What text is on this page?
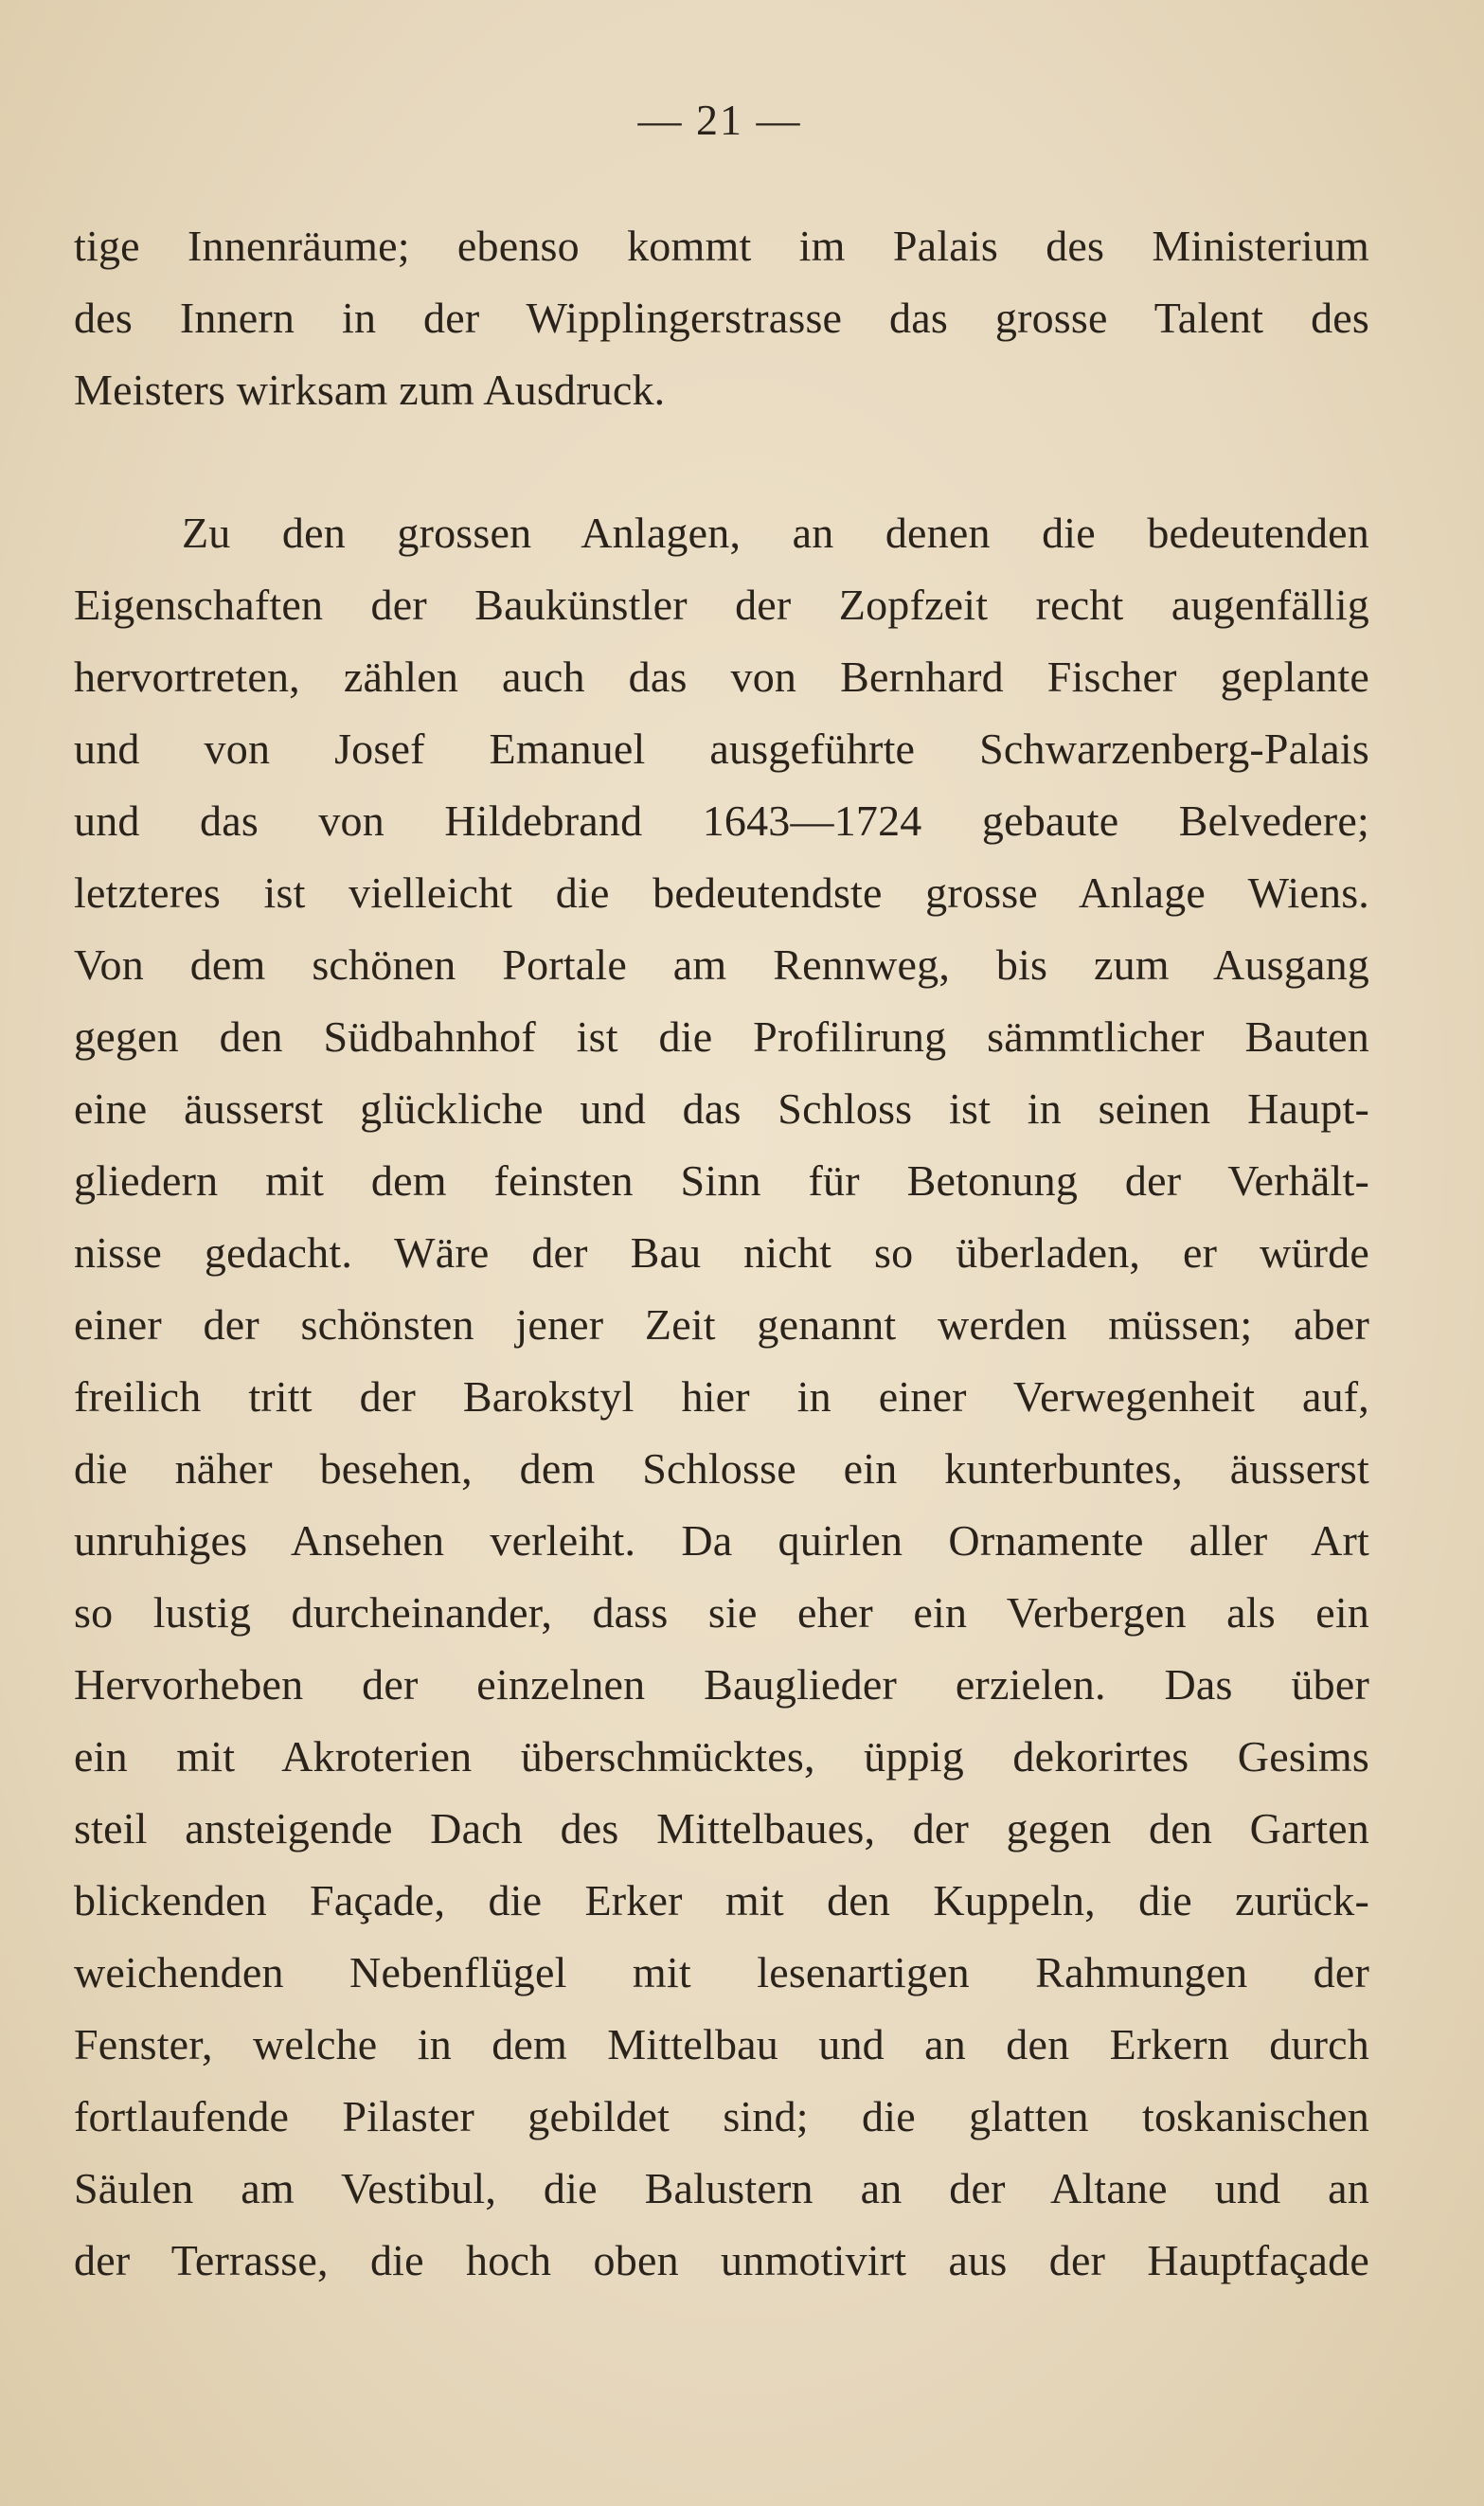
— 21 —
tige Innenräume; ebenso kommt im Palais des Ministerium
des Innern in der Wipplingerstrasse das grosse Talent des
Meisters wirksam zum Ausdruck.
Zu den grossen Anlagen, an denen die bedeutenden
Eigenschaften der Baukünstler der Zopfzeit recht augenfällig
hervortreten, zählen auch das von Bernhard Fischer geplante
und von Josef Emanuel ausgeführte Schwarzenberg-Palais
und das von Hildebrand 1643—1724 gebaute Belvedere;
letzteres ist vielleicht die bedeutendste grosse Anlage Wiens.
Von dem schönen Portale am Rennweg, bis zum Ausgang
gegen den Südbahnhof ist die Profilirung sämmtlicher Bauten
eine äusserst glückliche und das Schloss ist in seinen Haupt-
gliedern mit dem feinsten Sinn für Betonung der Verhält-
nisse gedacht. Wäre der Bau nicht so überladen, er würde
einer der schönsten jener Zeit genannt werden müssen; aber
freilich tritt der Barokstyl hier in einer Verwegenheit auf,
die näher besehen, dem Schlosse ein kunterbuntes, äusserst
unruhiges Ansehen verleiht. Da quirlen Ornamente aller Art
so lustig durcheinander, dass sie eher ein Verbergen als ein
Hervorheben der einzelnen Bauglieder erzielen. Das über
ein mit Akroterien überschmücktes, üppig dekorirtes Gesims
steil ansteigende Dach des Mittelbaues, der gegen den Garten
blickenden Façade, die Erker mit den Kuppeln, die zurück-
weichenden Nebenflügel mit lesenartigen Rahmungen der
Fenster, welche in dem Mittelbau und an den Erkern durch
fortlaufende Pilaster gebildet sind; die glatten toskanischen
Säulen am Vestibul, die Balustern an der Altane und an
der Terrasse, die hoch oben unmotivirt aus der Hauptfaçade
